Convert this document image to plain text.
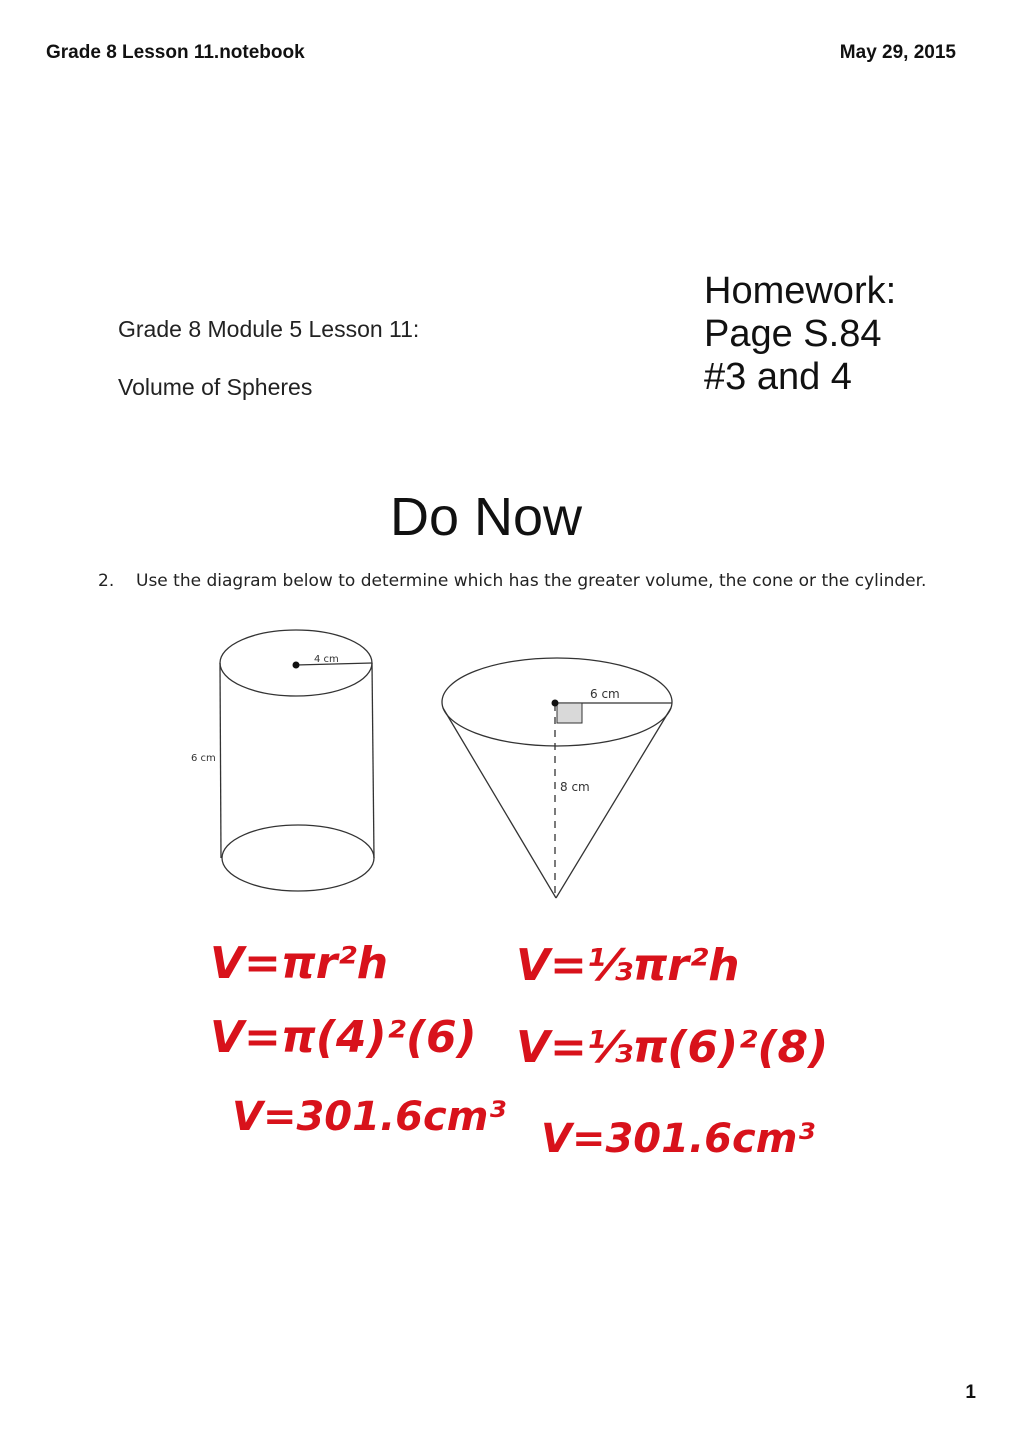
Grade 8 Lesson 11.notebook	May 29, 2015

Grade 8 Module 5 Lesson 11:

Volume of Spheres

Homework:
Page S.84
#3 and 4
Do Now
2. Use the diagram below to determine which has the greater volume, the cone or the cylinder.
4 cm
6 cm
6 cm
8 cm
V=πr²h
V=π(4)²(6)
V=301.6cm³
V=⅓πr²h
V=⅓π(6)²(8)
V=301.6cm³
1
